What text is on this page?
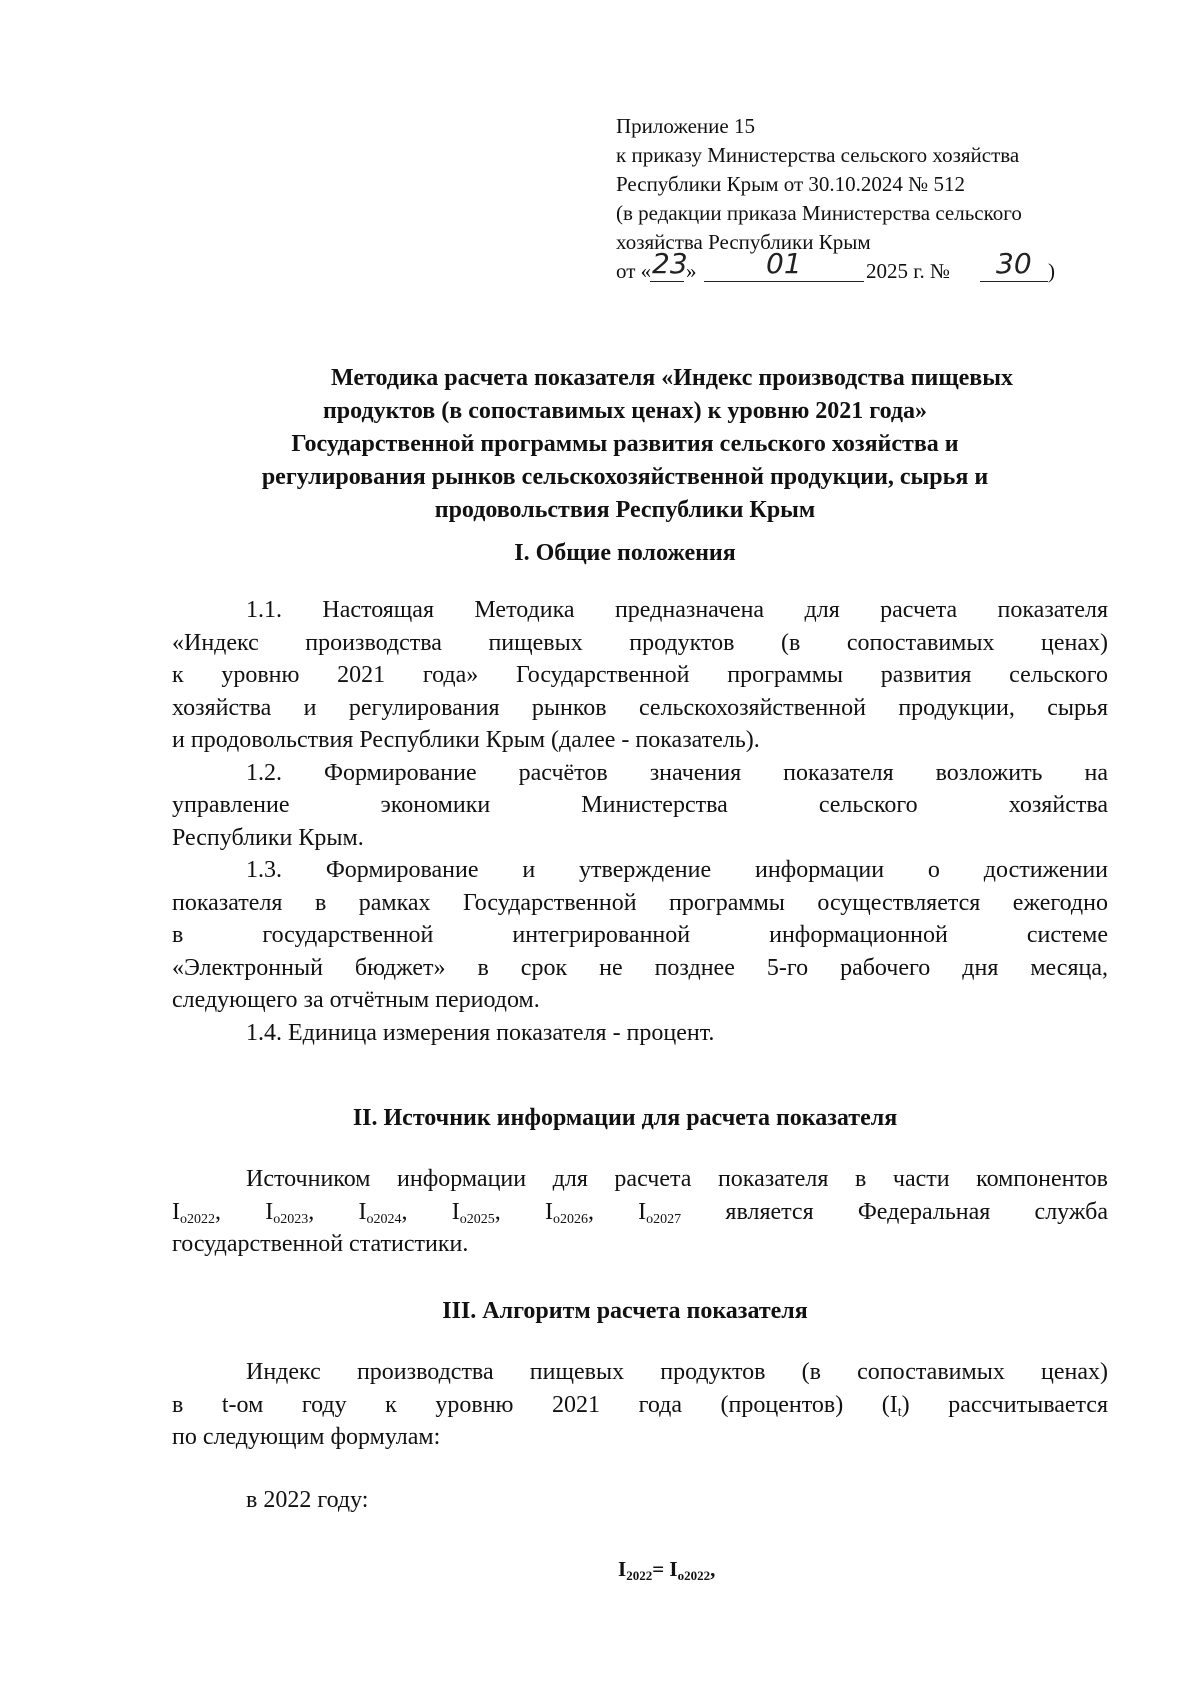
Приложение 15
к приказу Министерства сельского хозяйства
Республики Крым от 30.10.2024 № 512
(в редакции приказа Министерства сельского
хозяйства Республики Крым
от « 23
» 01	2025 г. № 30 )
Методика расчета показателя «Индекс производства пищевых
продуктов (в сопоставимых ценах) к уровню 2021 года»
Государственной программы развития сельского хозяйства и
регулирования рынков сельскохозяйственной продукции, сырья и
продовольствия Республики Крым
I. Общие положения
1.1. Настоящая Методика предназначена для расчета показателя
«Индекс производства пищевых продуктов (в сопоставимых ценах)
к уровню 2021 года» Государственной программы развития сельского
хозяйства и регулирования рынков сельскохозяйственной продукции, сырья
и продовольствия Республики Крым (далее - показатель).
1.2. Формирование расчётов значения показателя возложить на
управление экономики Министерства сельского хозяйства
Республики Крым.
1.3. Формирование и утверждение информации о достижении
показателя в рамках Государственной программы осуществляется ежегодно
в государственной интегрированной информационной системе
«Электронный бюджет» в срок не позднее 5-го рабочего дня месяца,
следующего за отчётным периодом.
1.4. Единица измерения показателя - процент.
II. Источник информации для расчета показателя
Источником информации для расчета показателя в части компонентов
$I_{о2022}$, $I_{о2023}$, $I_{о2024}$, $I_{о2025}$, $I_{о2026}$, $I_{о2027}$ является Федеральная служба
государственной статистики.
III. Алгоритм расчета показателя
Индекс производства пищевых продуктов (в сопоставимых ценах)
в t-ом году к уровню 2021 года (процентов) $(I_t)$ рассчитывается
по следующим формулам:
в 2022 году:
$I_{2022}= I_{о2022}$,
